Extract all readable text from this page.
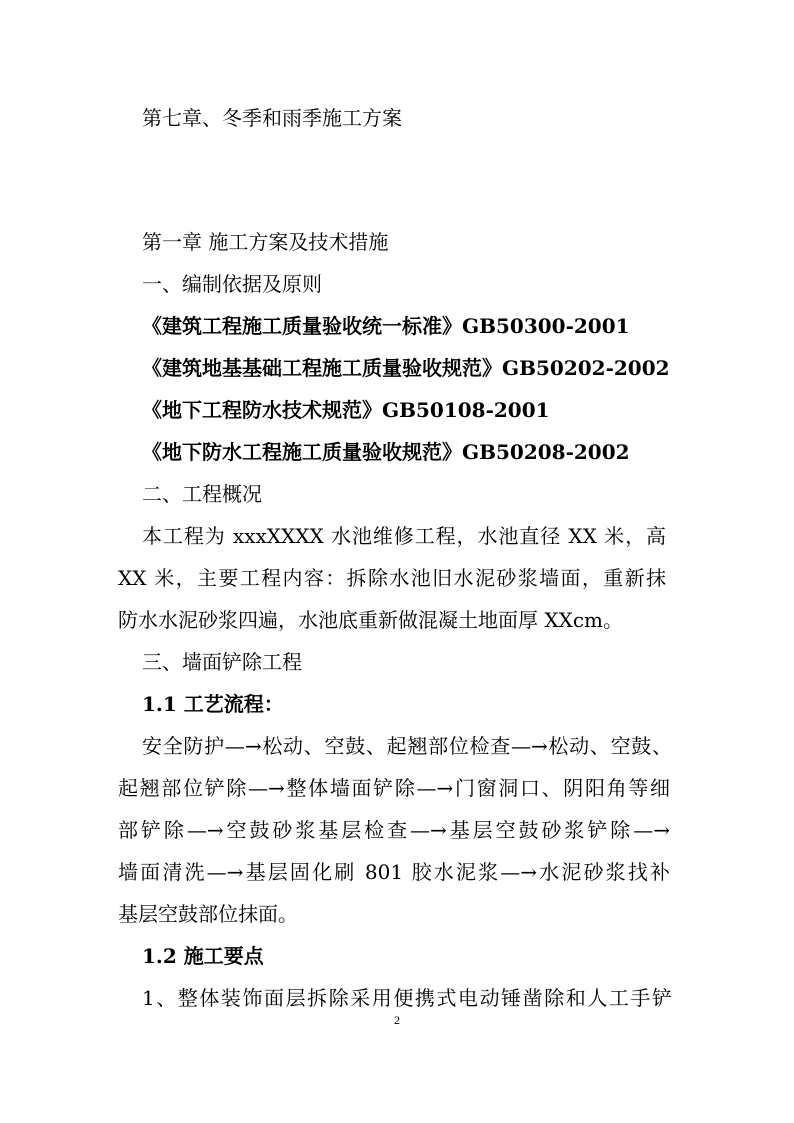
第七章、冬季和雨季施工方案
第一章 施工方案及技术措施
一、编制依据及原则
《建筑工程施工质量验收统一标准》GB50300-2001
《建筑地基基础工程施工质量验收规范》GB50202-2002
《地下工程防水技术规范》GB50108-2001
《地下防水工程施工质量验收规范》GB50208-2002
二、工程概况
本工程为 xxxXXXX 水池维修工程，水池直径 XX 米，高
XX 米，主要工程内容：拆除水池旧水泥砂浆墙面，重新抹
防水水泥砂浆四遍，水池底重新做混凝土地面厚 XXcm。
三、墙面铲除工程
1.1 工艺流程：
安全防护—→松动、空鼓、起翘部位检查—→松动、空鼓、
起翘部位铲除—→整体墙面铲除—→门窗洞口、阴阳角等细
部铲除—→空鼓砂浆基层检查—→基层空鼓砂浆铲除—→
墙面清洗—→基层固化刷 801 胶水泥浆—→水泥砂浆找补
基层空鼓部位抹面。
1.2 施工要点
1、整体装饰面层拆除采用便携式电动锤凿除和人工手铲
2
